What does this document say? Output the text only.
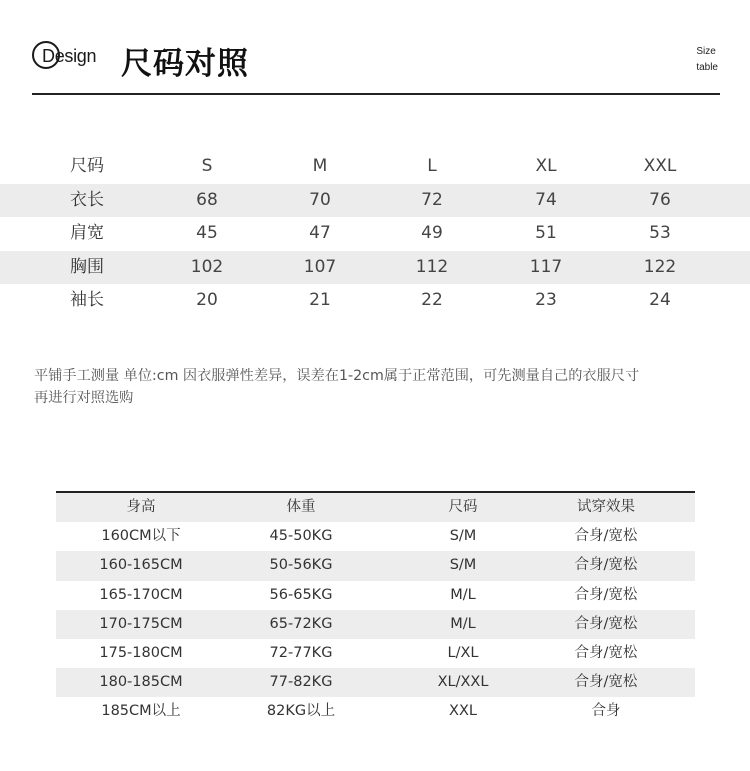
Design 尺码对照	Size
table
尺码	S	M	L	XL	XXL
衣长	68	70	72	74	76
肩宽	45	47	49	51	53
胸围	102	107	112	117	122
袖长	20	21	22	23	24
平铺手工测量 单位:cm 因衣服弹性差异，误差在1-2cm属于正常范围，可先测量自己的衣服尺寸
再进行对照选购
身高	体重	尺码	试穿效果
160CM以下	45-50KG	S/M	合身/宽松
160-165CM	50-56KG	S/M	合身/宽松
165-170CM	56-65KG	M/L	合身/宽松
170-175CM	65-72KG	M/L	合身/宽松
175-180CM	72-77KG	L/XL	合身/宽松
180-185CM	77-82KG	XL/XXL	合身/宽松
185CM以上	82KG以上	XXL	合身
